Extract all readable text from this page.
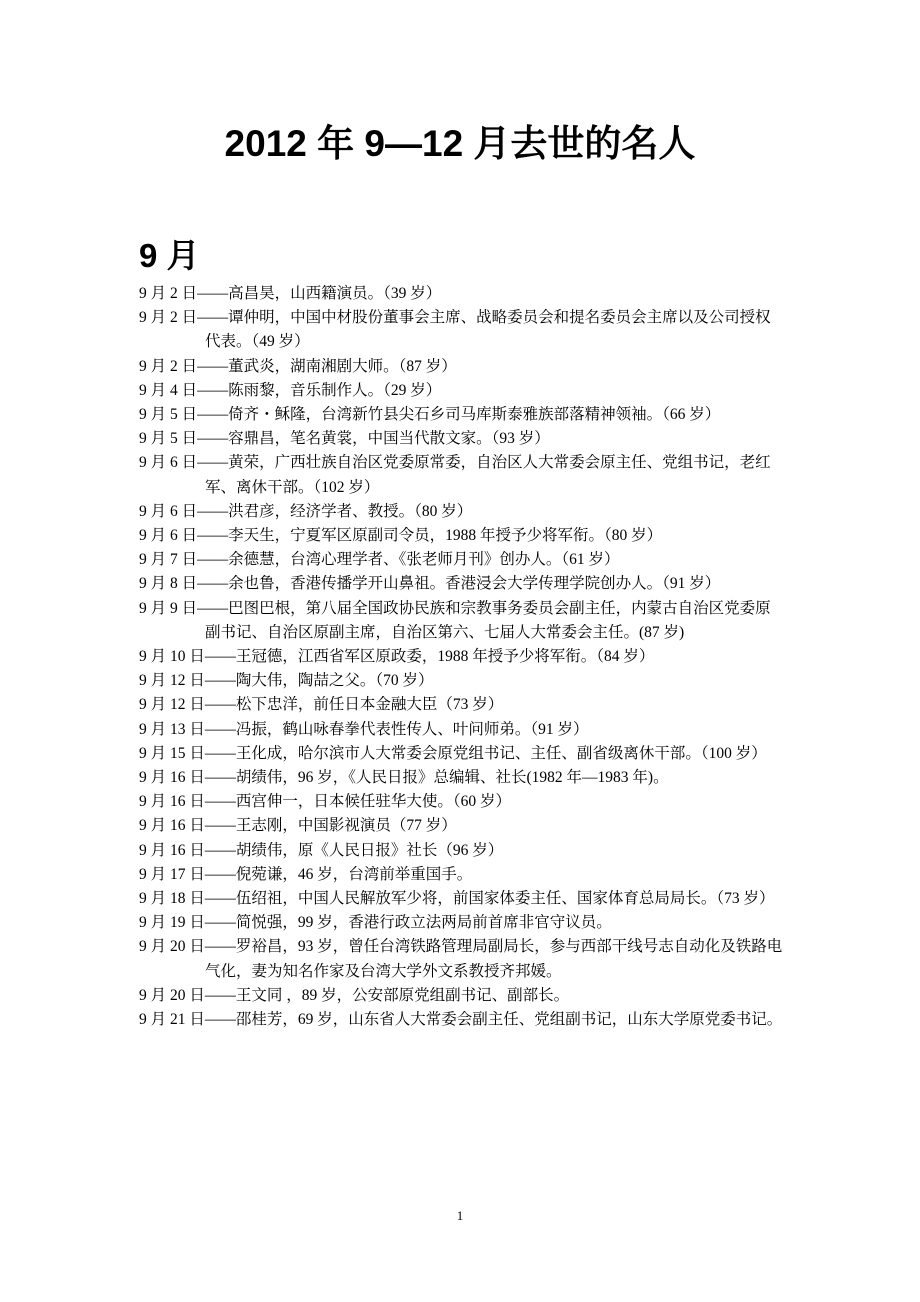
2012 年 9—12 月去世的名人
9 月
9 月 2 日——高昌昊，山西籍演员。（39 岁）
9 月 2 日——谭仲明，中国中材股份董事会主席、战略委员会和提名委员会主席以及公司授权代表。（49 岁）
9 月 2 日——董武炎，湖南湘剧大师。（87 岁）
9 月 4 日——陈雨黎，音乐制作人。（29 岁）
9 月 5 日——倚齐・稣隆，台湾新竹县尖石乡司马库斯泰雅族部落精神领袖。（66 岁）
9 月 5 日——容鼎昌，笔名黄裳，中国当代散文家。（93 岁）
9 月 6 日——黄荣，广西壮族自治区党委原常委，自治区人大常委会原主任、党组书记，老红军、离休干部。（102 岁）
9 月 6 日——洪君彦，经济学者、教授。（80 岁）
9 月 6 日——李天生，宁夏军区原副司令员，1988 年授予少将军衔。（80 岁）
9 月 7 日——余德慧，台湾心理学者、《张老师月刊》创办人。（61 岁）
9 月 8 日——余也鲁，香港传播学开山鼻祖。香港浸会大学传理学院创办人。（91 岁）
9 月 9 日——巴图巴根，第八届全国政协民族和宗教事务委员会副主任，内蒙古自治区党委原副书记、自治区原副主席，自治区第六、七届人大常委会主任。(87 岁)
9 月 10 日——王冠德，江西省军区原政委，1988 年授予少将军衔。（84 岁）
9 月 12 日——陶大伟，陶喆之父。（70 岁）
9 月 12 日——松下忠洋，前任日本金融大臣（73 岁）
9 月 13 日——冯振，鹤山咏春拳代表性传人、叶问师弟。（91 岁）
9 月 15 日——王化成，哈尔滨市人大常委会原党组书记、主任、副省级离休干部。（100 岁）
9 月 16 日——胡绩伟，96 岁，《人民日报》总编辑、社长(1982 年—1983 年)。
9 月 16 日——西宫伸一，日本候任驻华大使。（60 岁）
9 月 16 日——王志刚，中国影视演员（77 岁）
9 月 16 日——胡绩伟，原《人民日报》社长（96 岁）
9 月 17 日——倪菀谦，46 岁，台湾前举重国手。
9 月 18 日——伍绍祖，中国人民解放军少将，前国家体委主任、国家体育总局局长。（73 岁）
9 月 19 日——简悦强，99 岁，香港行政立法两局前首席非官守议员。
9 月 20 日——罗裕昌，93 岁，曾任台湾铁路管理局副局长，参与西部干线号志自动化及铁路电气化，妻为知名作家及台湾大学外文系教授齐邦媛。
9 月 20 日——王文同 ，89 岁，公安部原党组副书记、副部长。
9 月 21 日——邵桂芳，69 岁，山东省人大常委会副主任、党组副书记，山东大学原党委书记。
1
